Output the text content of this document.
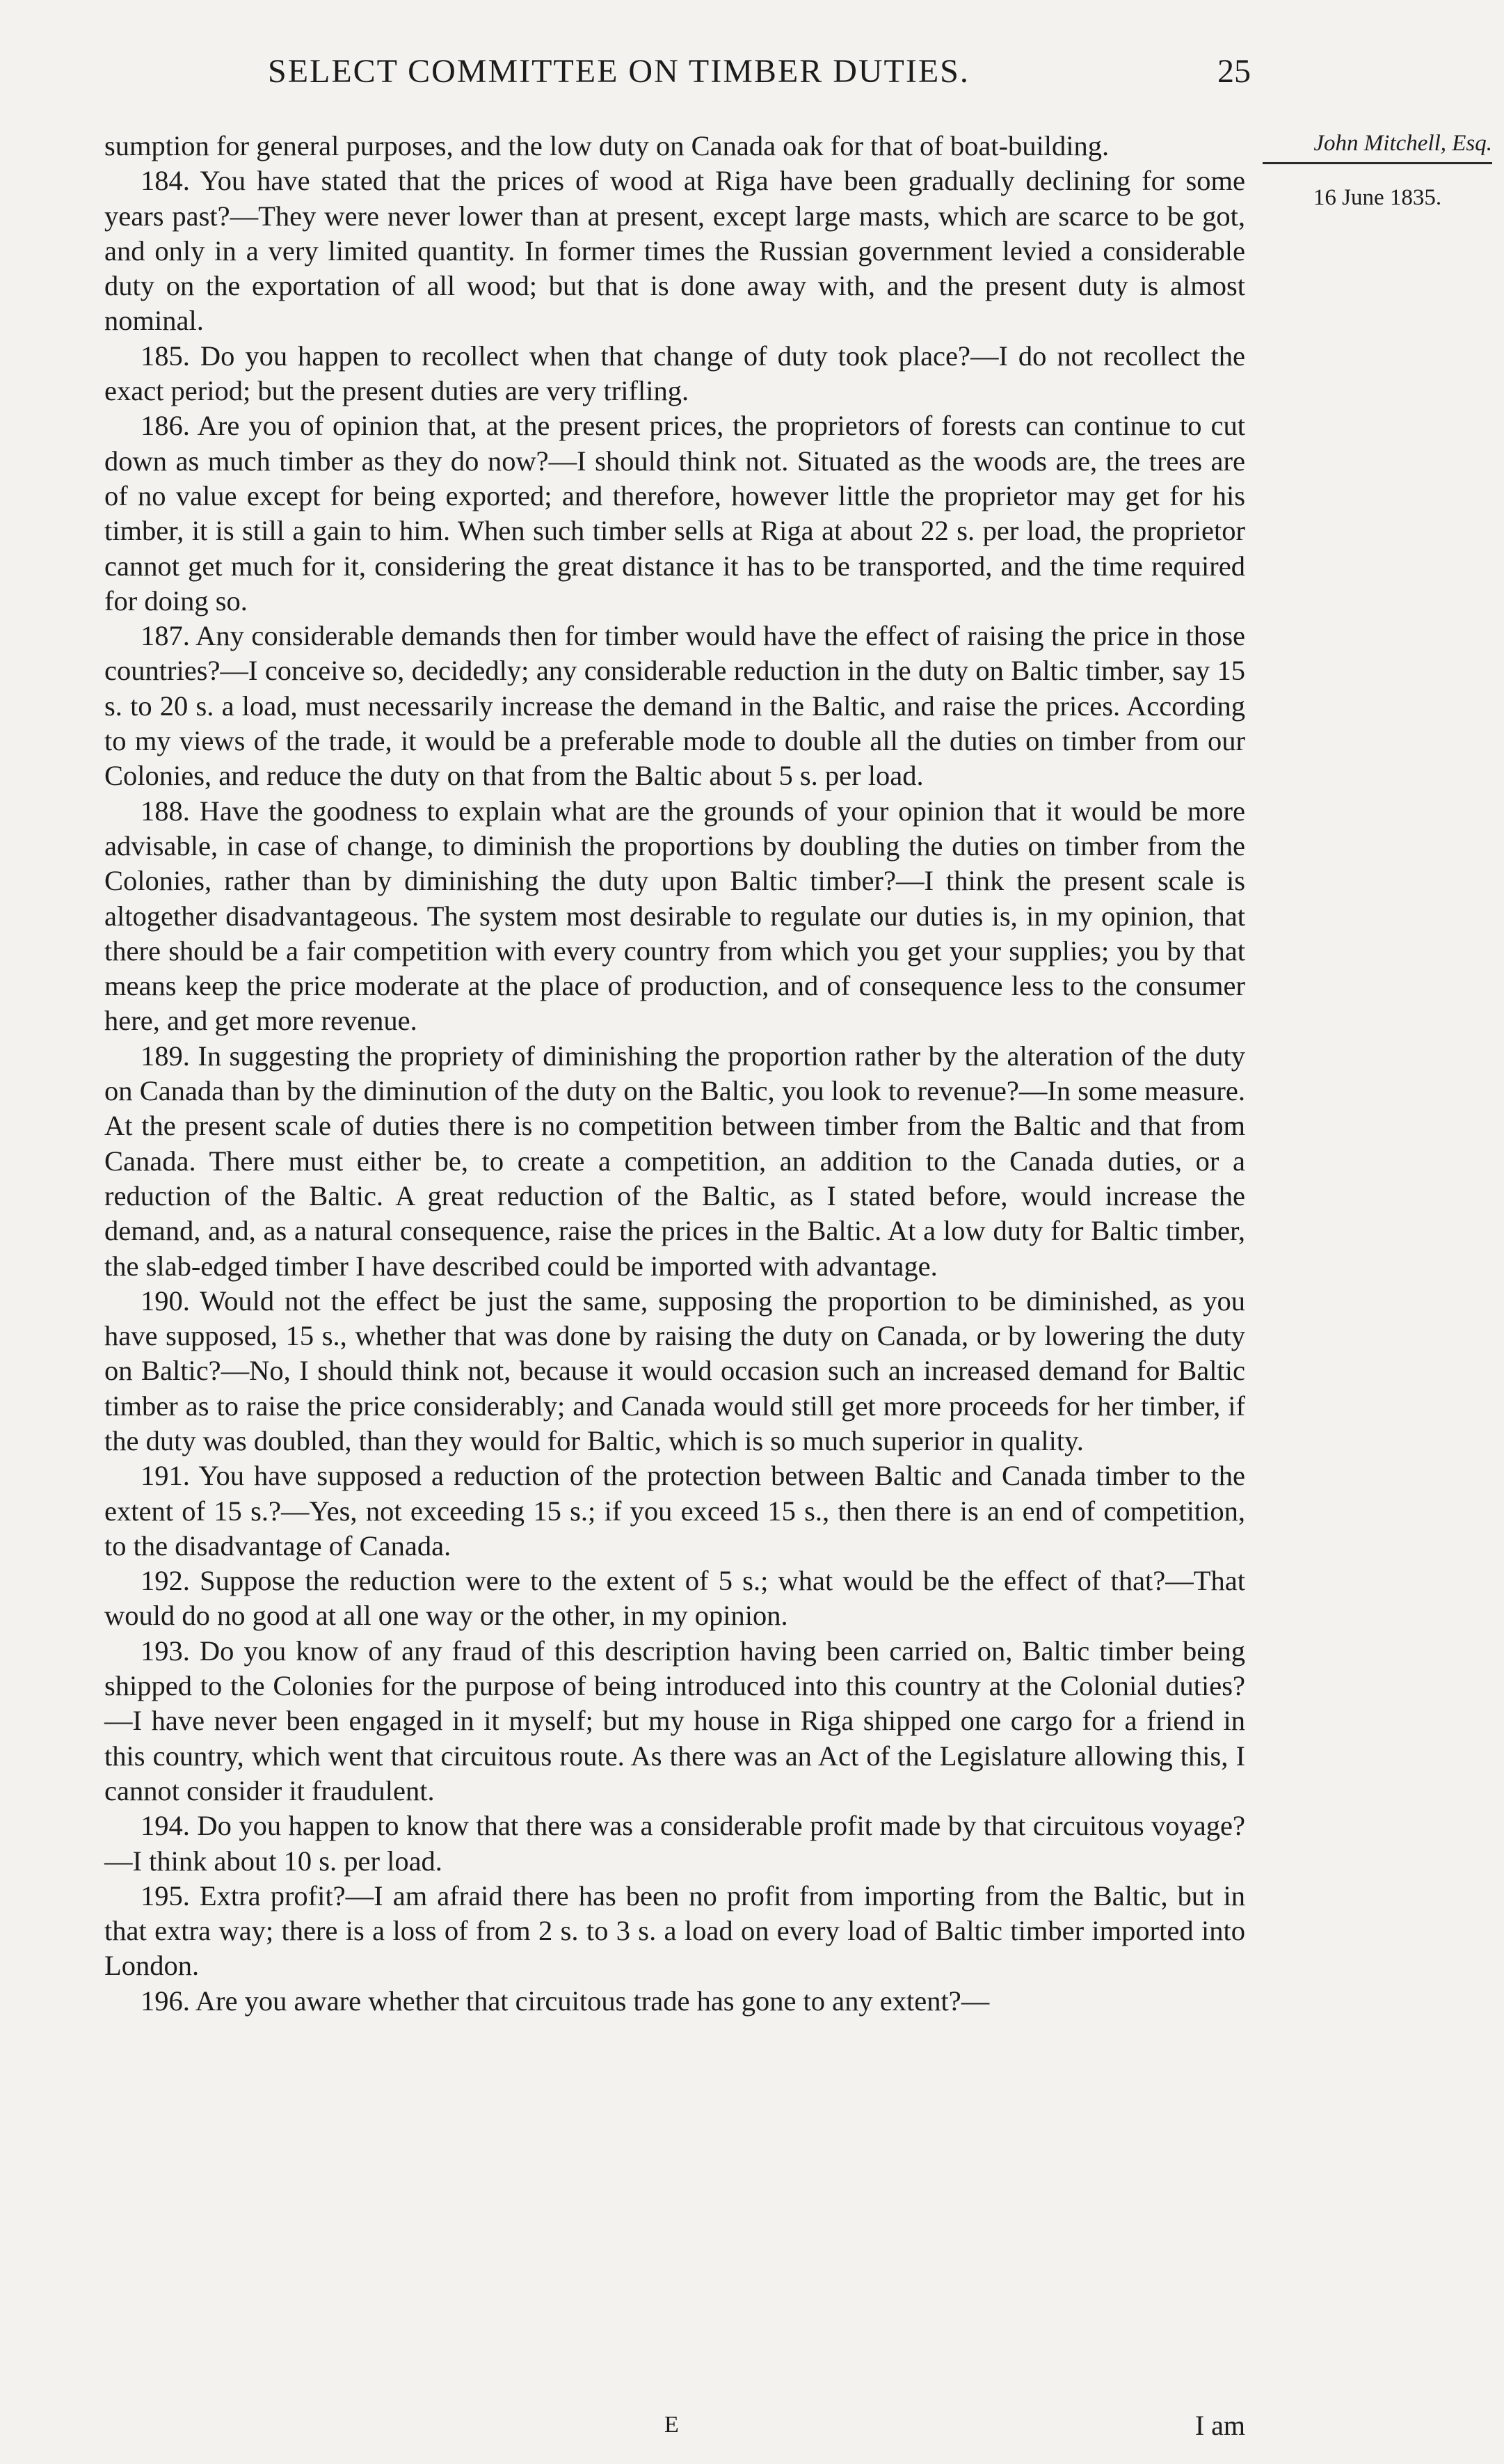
SELECT COMMITTEE ON TIMBER DUTIES.	25
John Mitchell, Esq.
16 June 1835.

sumption for general purposes, and the low duty on Canada oak for that of boat-building.

184. You have stated that the prices of wood at Riga have been gradually declining for some years past?—They were never lower than at present, except large masts, which are scarce to be got, and only in a very limited quantity. In former times the Russian government levied a considerable duty on the exportation of all wood; but that is done away with, and the present duty is almost nominal.

185. Do you happen to recollect when that change of duty took place?—I do not recollect the exact period; but the present duties are very trifling.

186. Are you of opinion that, at the present prices, the proprietors of forests can continue to cut down as much timber as they do now?—I should think not. Situated as the woods are, the trees are of no value except for being exported; and therefore, however little the proprietor may get for his timber, it is still a gain to him. When such timber sells at Riga at about 22 s. per load, the proprietor cannot get much for it, considering the great distance it has to be transported, and the time required for doing so.

187. Any considerable demands then for timber would have the effect of raising the price in those countries?—I conceive so, decidedly; any considerable reduction in the duty on Baltic timber, say 15 s. to 20 s. a load, must necessarily increase the demand in the Baltic, and raise the prices. According to my views of the trade, it would be a preferable mode to double all the duties on timber from our Colonies, and reduce the duty on that from the Baltic about 5 s. per load.

188. Have the goodness to explain what are the grounds of your opinion that it would be more advisable, in case of change, to diminish the proportions by doubling the duties on timber from the Colonies, rather than by diminishing the duty upon Baltic timber?—I think the present scale is altogether disadvantageous. The system most desirable to regulate our duties is, in my opinion, that there should be a fair competition with every country from which you get your supplies; you by that means keep the price moderate at the place of production, and of consequence less to the consumer here, and get more revenue.

189. In suggesting the propriety of diminishing the proportion rather by the alteration of the duty on Canada than by the diminution of the duty on the Baltic, you look to revenue?—In some measure. At the present scale of duties there is no competition between timber from the Baltic and that from Canada. There must either be, to create a competition, an addition to the Canada duties, or a reduction of the Baltic. A great reduction of the Baltic, as I stated before, would increase the demand, and, as a natural consequence, raise the prices in the Baltic. At a low duty for Baltic timber, the slab-edged timber I have described could be imported with advantage.

190. Would not the effect be just the same, supposing the proportion to be diminished, as you have supposed, 15 s., whether that was done by raising the duty on Canada, or by lowering the duty on Baltic?—No, I should think not, because it would occasion such an increased demand for Baltic timber as to raise the price considerably; and Canada would still get more proceeds for her timber, if the duty was doubled, than they would for Baltic, which is so much superior in quality.

191. You have supposed a reduction of the protection between Baltic and Canada timber to the extent of 15 s.?—Yes, not exceeding 15 s.; if you exceed 15 s., then there is an end of competition, to the disadvantage of Canada.

192. Suppose the reduction were to the extent of 5 s.; what would be the effect of that?—That would do no good at all one way or the other, in my opinion.

193. Do you know of any fraud of this description having been carried on, Baltic timber being shipped to the Colonies for the purpose of being introduced into this country at the Colonial duties?—I have never been engaged in it myself; but my house in Riga shipped one cargo for a friend in this country, which went that circuitous route. As there was an Act of the Legislature allowing this, I cannot consider it fraudulent.

194. Do you happen to know that there was a considerable profit made by that circuitous voyage?—I think about 10 s. per load.

195. Extra profit?—I am afraid there has been no profit from importing from the Baltic, but in that extra way; there is a loss of from 2 s. to 3 s. a load on every load of Baltic timber imported into London.

196. Are you aware whether that circuitous trade has gone to any extent?—

E	I am
